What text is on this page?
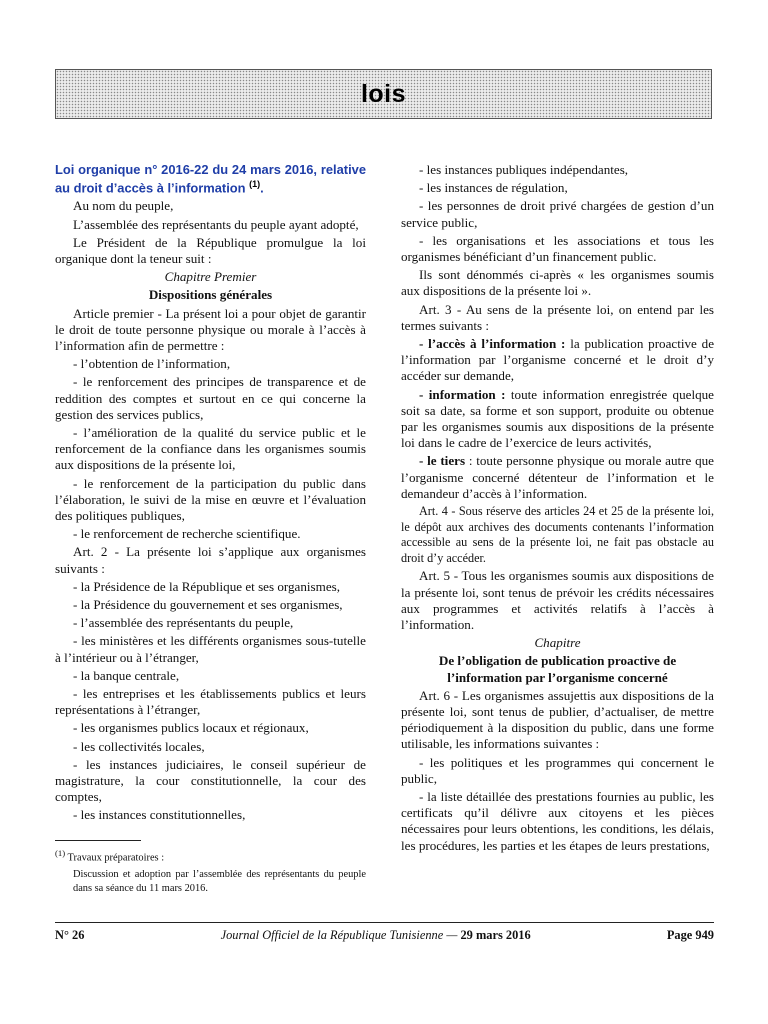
lois
Loi organique n° 2016-22 du 24 mars 2016, relative au droit d’accès à l’information $^{(1)}$.

Au nom du peuple,

L’assemblée des représentants du peuple ayant adopté,

Le Président de la République promulgue la loi organique dont la teneur suit :

Chapitre Premier

Dispositions générales

Article premier - La présent loi a pour objet de garantir le droit de toute personne physique ou morale à l’accès à l’information afin de permettre :

- l’obtention de l’information,

- le renforcement des principes de transparence et de reddition des comptes et surtout en ce qui concerne la gestion des services publics,

- l’amélioration de la qualité du service public et le renforcement de la confiance dans les organismes soumis aux dispositions de la présente loi,

- le renforcement de la participation du public dans l’élaboration, le suivi de la mise en œuvre et l’évaluation des politiques publiques,

- le renforcement de recherche scientifique.

Art. 2 - La présente loi s’applique aux organismes suivants :

- la Présidence de la République et ses organismes,

- la Présidence du gouvernement et ses organismes,

- l’assemblée des représentants du peuple,

- les ministères et les différents organismes sous-tutelle à l’intérieur ou à l’étranger,

- la banque centrale,

- les entreprises et les établissements publics et leurs représentations à l’étranger,

- les organismes publics locaux et régionaux,

- les collectivités locales,

- les instances judiciaires, le conseil supérieur de magistrature, la cour constitutionnelle, la cour des comptes,

- les instances constitutionnelles,

$^{(1)}$ Travaux préparatoires :
Discussion et adoption par l’assemblée des représentants du peuple dans sa séance du 11 mars 2016.

- les instances publiques indépendantes,

- les instances de régulation,

- les personnes de droit privé chargées de gestion d’un service public,

- les organisations et les associations et tous les organismes bénéficiant d’un financement public.

Ils sont dénommés ci-après « les organismes soumis aux dispositions de la présente loi ».

Art. 3 - Au sens de la présente loi, on entend par les termes suivants :

- l’accès à l’information : la publication proactive de l’information par l’organisme concerné et le droit d’y accéder sur demande,

- information : toute information enregistrée quelque soit sa date, sa forme et son support, produite ou obtenue par les organismes soumis aux dispositions de la présente loi dans le cadre de l’exercice de leurs activités,

- le tiers : toute personne physique ou morale autre que l’organisme concerné détenteur de l’information et le demandeur d’accès à l’information.

Art. 4 - Sous réserve des articles 24 et 25 de la présente loi, le dépôt aux archives des documents contenants l’information accessible au sens de la présente loi, ne fait pas obstacle au droit d’y accéder.

Art. 5 - Tous les organismes soumis aux dispositions de la présente loi, sont tenus de prévoir les crédits nécessaires aux programmes et activités relatifs à l’accès à l’information.

Chapitre

De l’obligation de publication proactive de l’information par l’organisme concerné

Art. 6 - Les organismes assujettis aux dispositions de la présente loi, sont tenus de publier, d’actualiser, de mettre périodiquement à la disposition du public, dans une forme utilisable, les informations suivantes :

- les politiques et les programmes qui concernent le public,

- la liste détaillée des prestations fournies au public, les certificats qu’il délivre aux citoyens et les pièces nécessaires pour leurs obtentions, les conditions, les délais, les procédures, les parties et les étapes de leurs prestations,

N° 26	Journal Officiel de la République Tunisienne — 29 mars 2016	Page 949
